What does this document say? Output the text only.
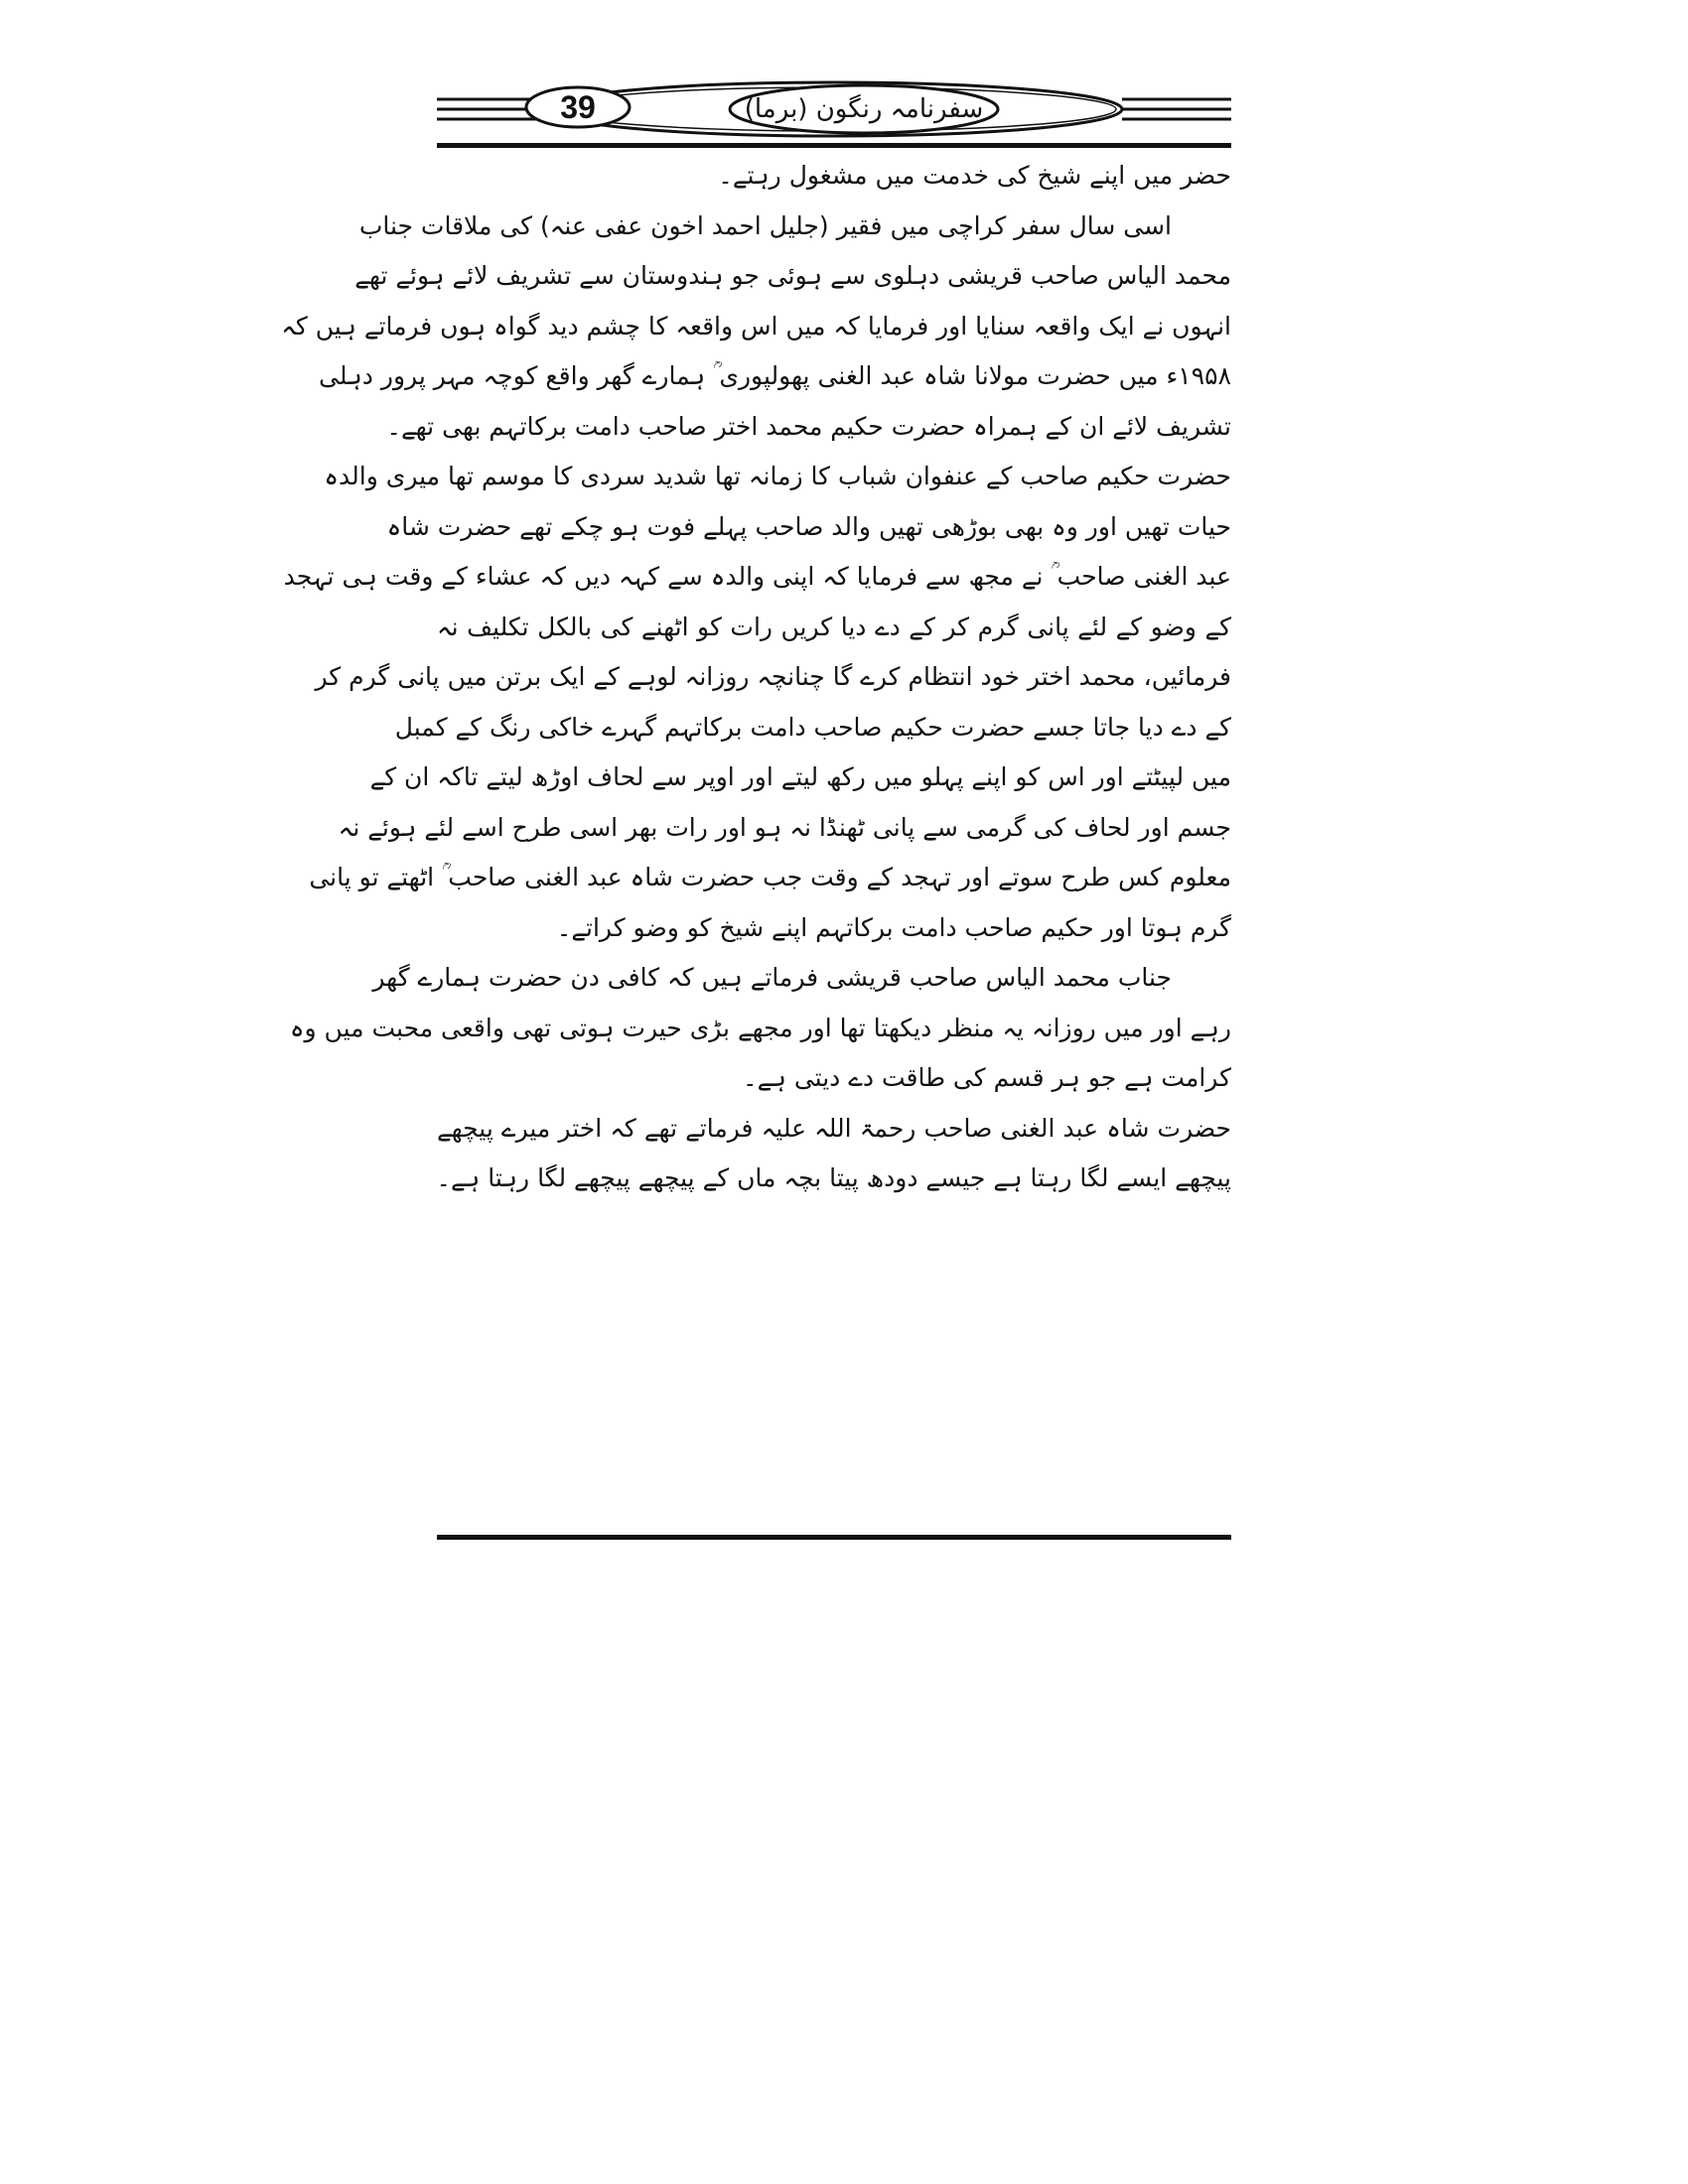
39	سفرنامہ رنگون (برما)
حضر میں اپنے شیخ کی خدمت میں مشغول رہتے۔
اسی سال سفر کراچی میں فقیر (جلیل احمد اخون عفی عنہ) کی ملاقات جناب
محمد الیاس صاحب قریشی دہلوی سے ہوئی جو ہندوستان سے تشریف لائے ہوئے تھے
انہوں نے ایک واقعہ سنایا اور فرمایا کہ میں اس واقعہ کا چشم دید گواہ ہوں فرماتے ہیں کہ
۱۹۵۸ء میں حضرت مولانا شاہ عبد الغنی پھولپوری ؒ ہمارے گھر واقع کوچہ مہر پرور دہلی
تشریف لائے ان کے ہمراہ حضرت حکیم محمد اختر صاحب دامت برکاتہم بھی تھے۔
حضرت حکیم صاحب کے عنفوان شباب کا زمانہ تھا شدید سردی کا موسم تھا میری والدہ
حیات تھیں اور وہ بھی بوڑھی تھیں والد صاحب پہلے فوت ہو چکے تھے حضرت شاہ
عبد الغنی صاحب ؒ نے مجھ سے فرمایا کہ اپنی والدہ سے کہہ دیں کہ عشاء کے وقت ہی تہجد
کے وضو کے لئے پانی گرم کر کے دے دیا کریں رات کو اٹھنے کی بالکل تکلیف نہ
فرمائیں، محمد اختر خود انتظام کرے گا چنانچہ روزانہ لوہے کے ایک برتن میں پانی گرم کر
کے دے دیا جاتا جسے حضرت حکیم صاحب دامت برکاتہم گہرے خاکی رنگ کے کمبل
میں لپیٹتے اور اس کو اپنے پہلو میں رکھ لیتے اور اوپر سے لحاف اوڑھ لیتے تاکہ ان کے
جسم اور لحاف کی گرمی سے پانی ٹھنڈا نہ ہو اور رات بھر اسی طرح اسے لئے ہوئے نہ
معلوم کس طرح سوتے اور تہجد کے وقت جب حضرت شاہ عبد الغنی صاحب ؒ اٹھتے تو پانی
گرم ہوتا اور حکیم صاحب دامت برکاتہم اپنے شیخ کو وضو کراتے۔
جناب محمد الیاس صاحب قریشی فرماتے ہیں کہ کافی دن حضرت ہمارے گھر
رہے اور میں روزانہ یہ منظر دیکھتا تھا اور مجھے بڑی حیرت ہوتی تھی واقعی محبت میں وہ
کرامت ہے جو ہر قسم کی طاقت دے دیتی ہے۔
حضرت شاہ عبد الغنی صاحب رحمۃ اللہ علیہ فرماتے تھے کہ اختر میرے پیچھے
پیچھے ایسے لگا رہتا ہے جیسے دودھ پیتا بچہ ماں کے پیچھے پیچھے لگا رہتا ہے۔
